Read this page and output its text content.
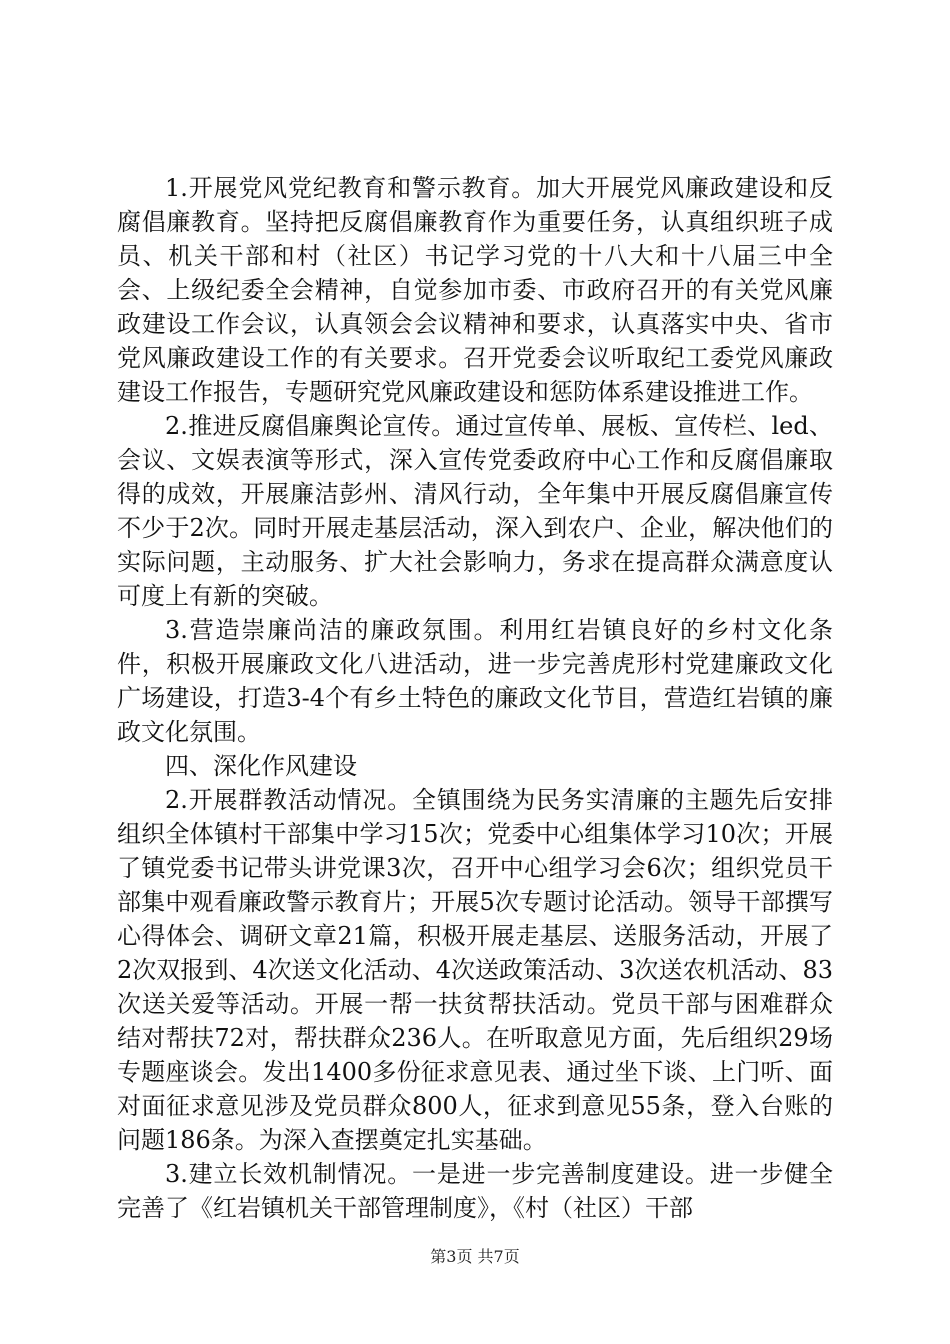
1.开展党风党纪教育和警示教育。加大开展党风廉政建设和反腐倡廉教育。坚持把反腐倡廉教育作为重要任务，认真组织班子成员、机关干部和村（社区）书记学习党的十八大和十八届三中全会、上级纪委全会精神，自觉参加市委、市政府召开的有关党风廉政建设工作会议，认真领会会议精神和要求，认真落实中央、省市党风廉政建设工作的有关要求。召开党委会议听取纪工委党风廉政建设工作报告，专题研究党风廉政建设和惩防体系建设推进工作。

2.推进反腐倡廉舆论宣传。通过宣传单、展板、宣传栏、led、会议、文娱表演等形式，深入宣传党委政府中心工作和反腐倡廉取得的成效，开展廉洁彭州、清风行动，全年集中开展反腐倡廉宣传不少于2次。同时开展走基层活动，深入到农户、企业，解决他们的实际问题，主动服务、扩大社会影响力，务求在提高群众满意度认可度上有新的突破。

3.营造崇廉尚洁的廉政氛围。利用红岩镇良好的乡村文化条件，积极开展廉政文化八进活动，进一步完善虎形村党建廉政文化广场建设，打造3-4个有乡土特色的廉政文化节目，营造红岩镇的廉政文化氛围。

四、深化作风建设

2.开展群教活动情况。全镇围绕为民务实清廉的主题先后安排组织全体镇村干部集中学习15次；党委中心组集体学习10次；开展了镇党委书记带头讲党课3次，召开中心组学习会6次；组织党员干部集中观看廉政警示教育片；开展5次专题讨论活动。领导干部撰写心得体会、调研文章21篇，积极开展走基层、送服务活动，开展了2次双报到、4次送文化活动、4次送政策活动、3次送农机活动、83次送关爱等活动。开展一帮一扶贫帮扶活动。党员干部与困难群众结对帮扶72对，帮扶群众236人。在听取意见方面，先后组织29场专题座谈会。发出1400多份征求意见表、通过坐下谈、上门听、面对面征求意见涉及党员群众800人，征求到意见55条，登入台账的问题186条。为深入查摆奠定扎实基础。

3.建立长效机制情况。一是进一步完善制度建设。进一步健全完善了《红岩镇机关干部管理制度》，《村（社区）干部

第3页 共7页
